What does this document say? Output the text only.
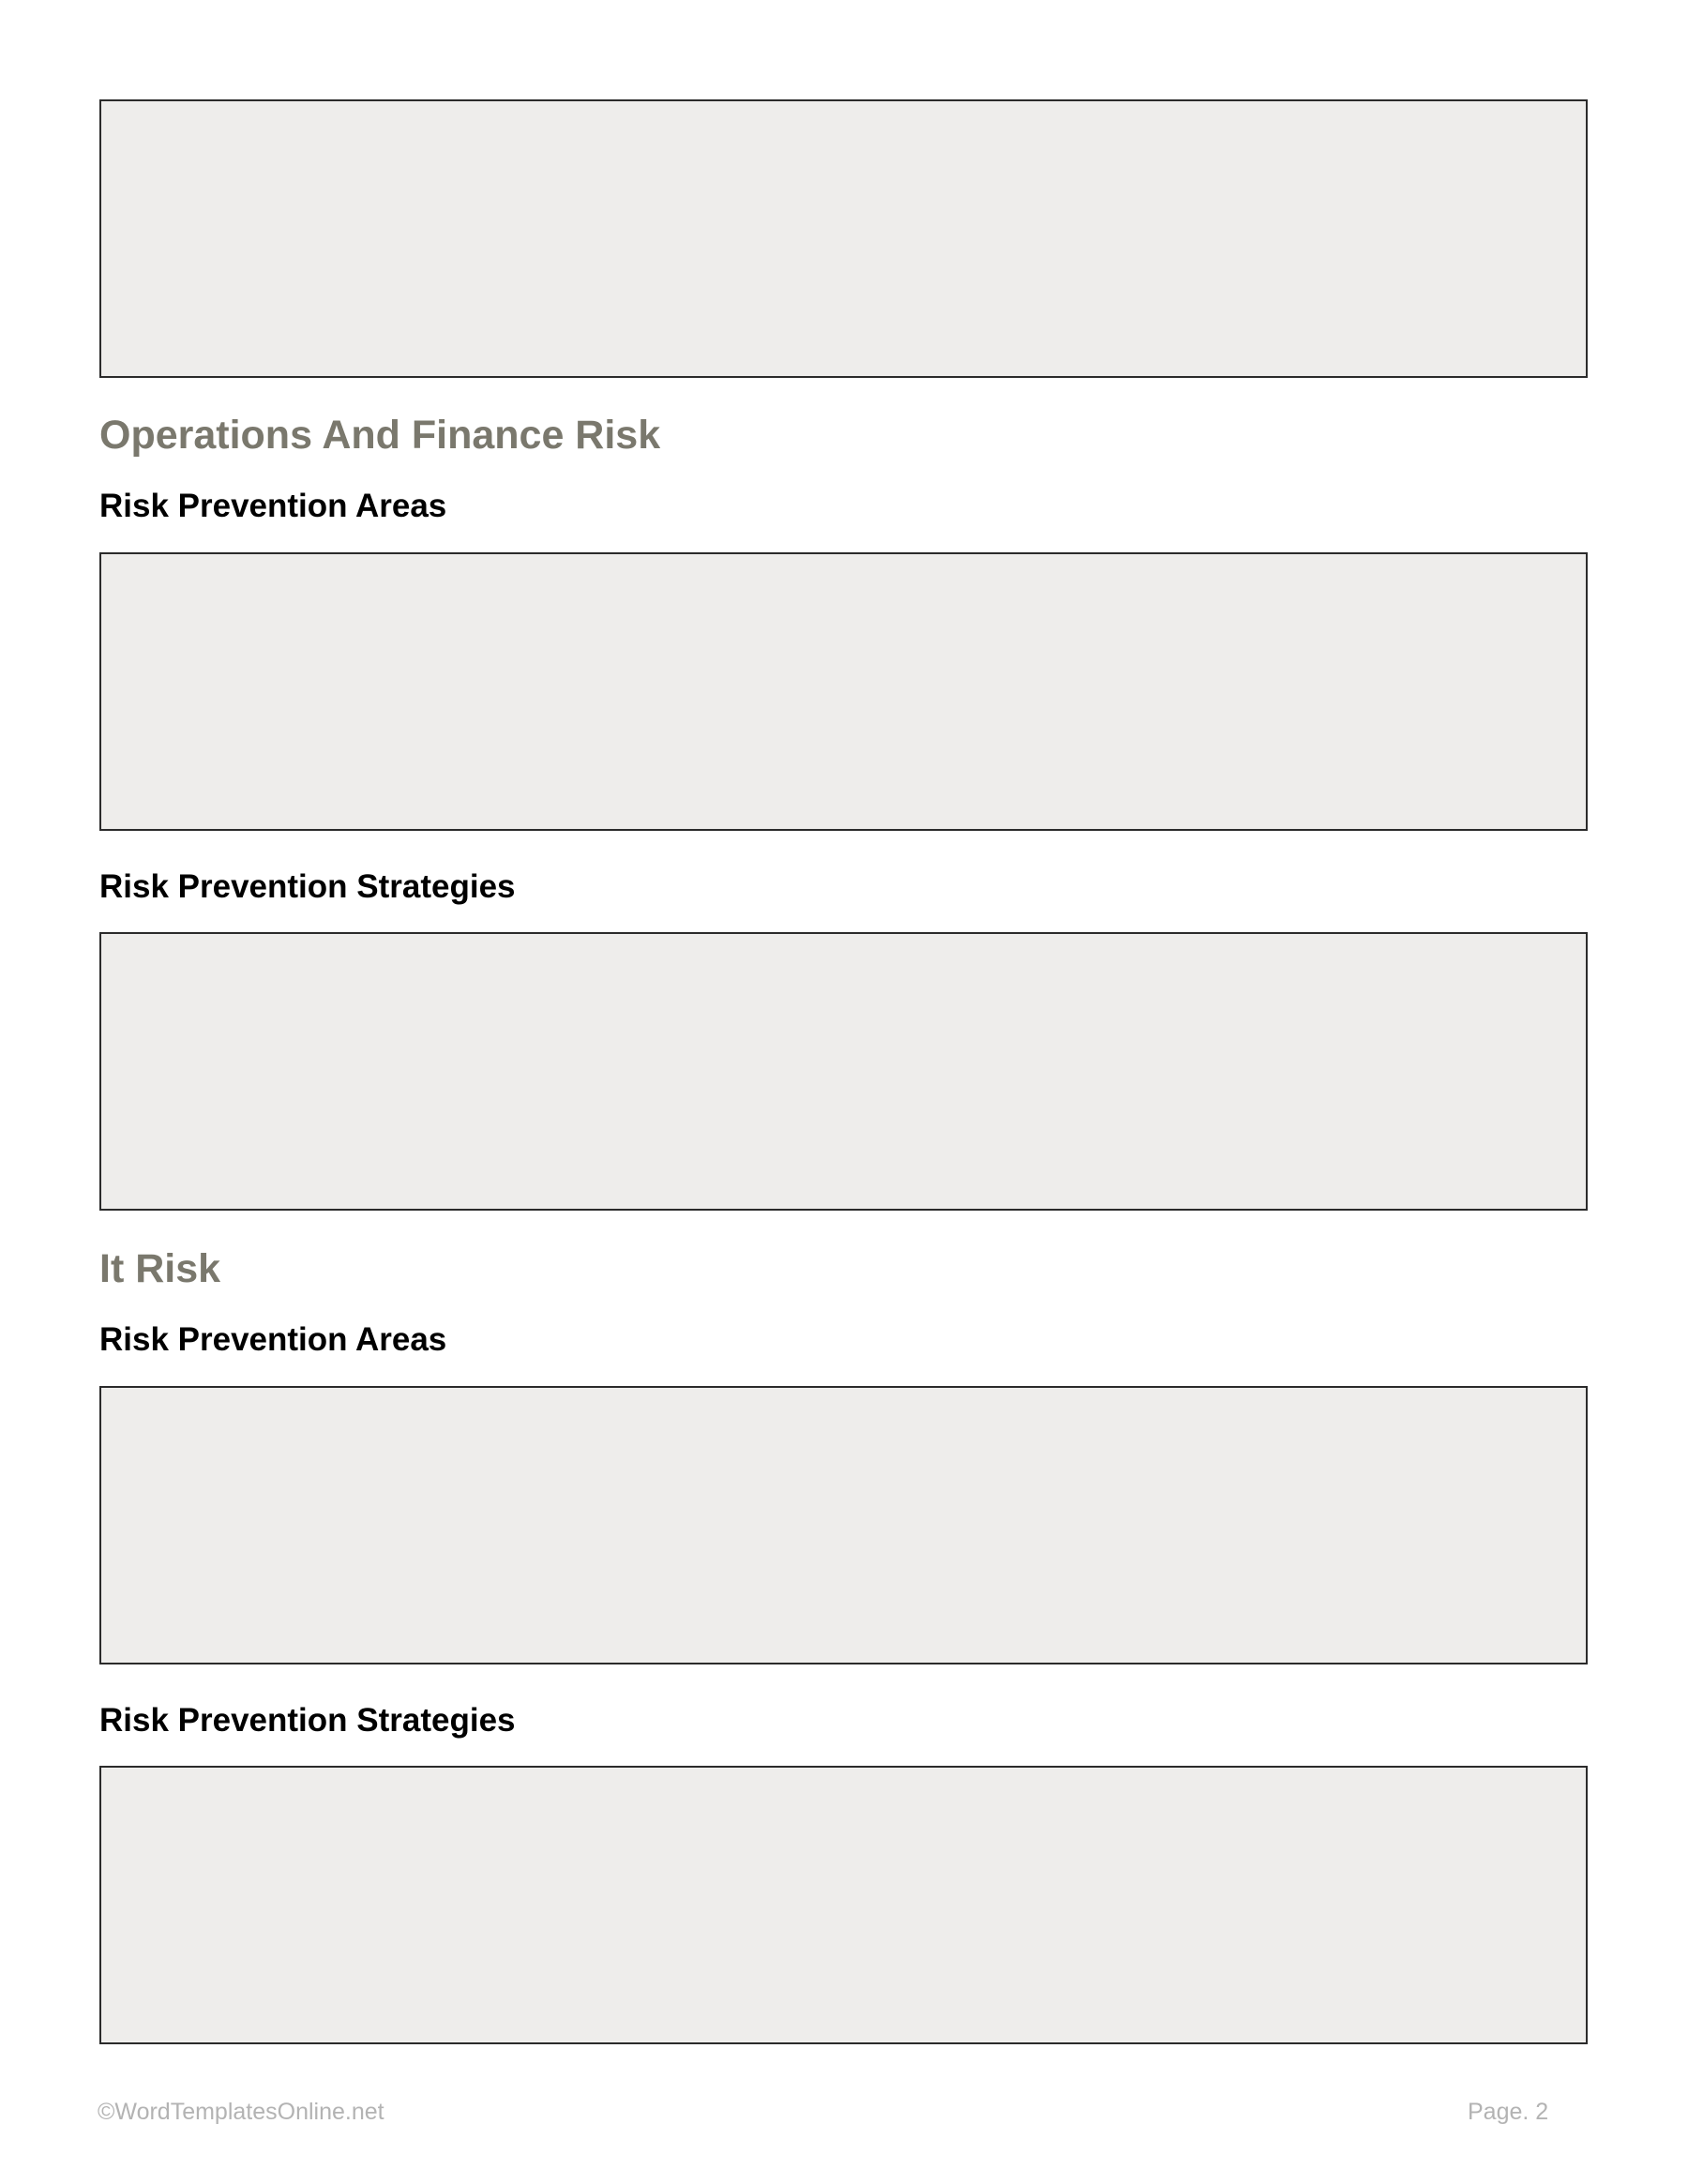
Operations And Finance Risk
Risk Prevention Areas
Risk Prevention Strategies
It Risk
Risk Prevention Areas
Risk Prevention Strategies
©WordTemplatesOnline.net	Page. 2
